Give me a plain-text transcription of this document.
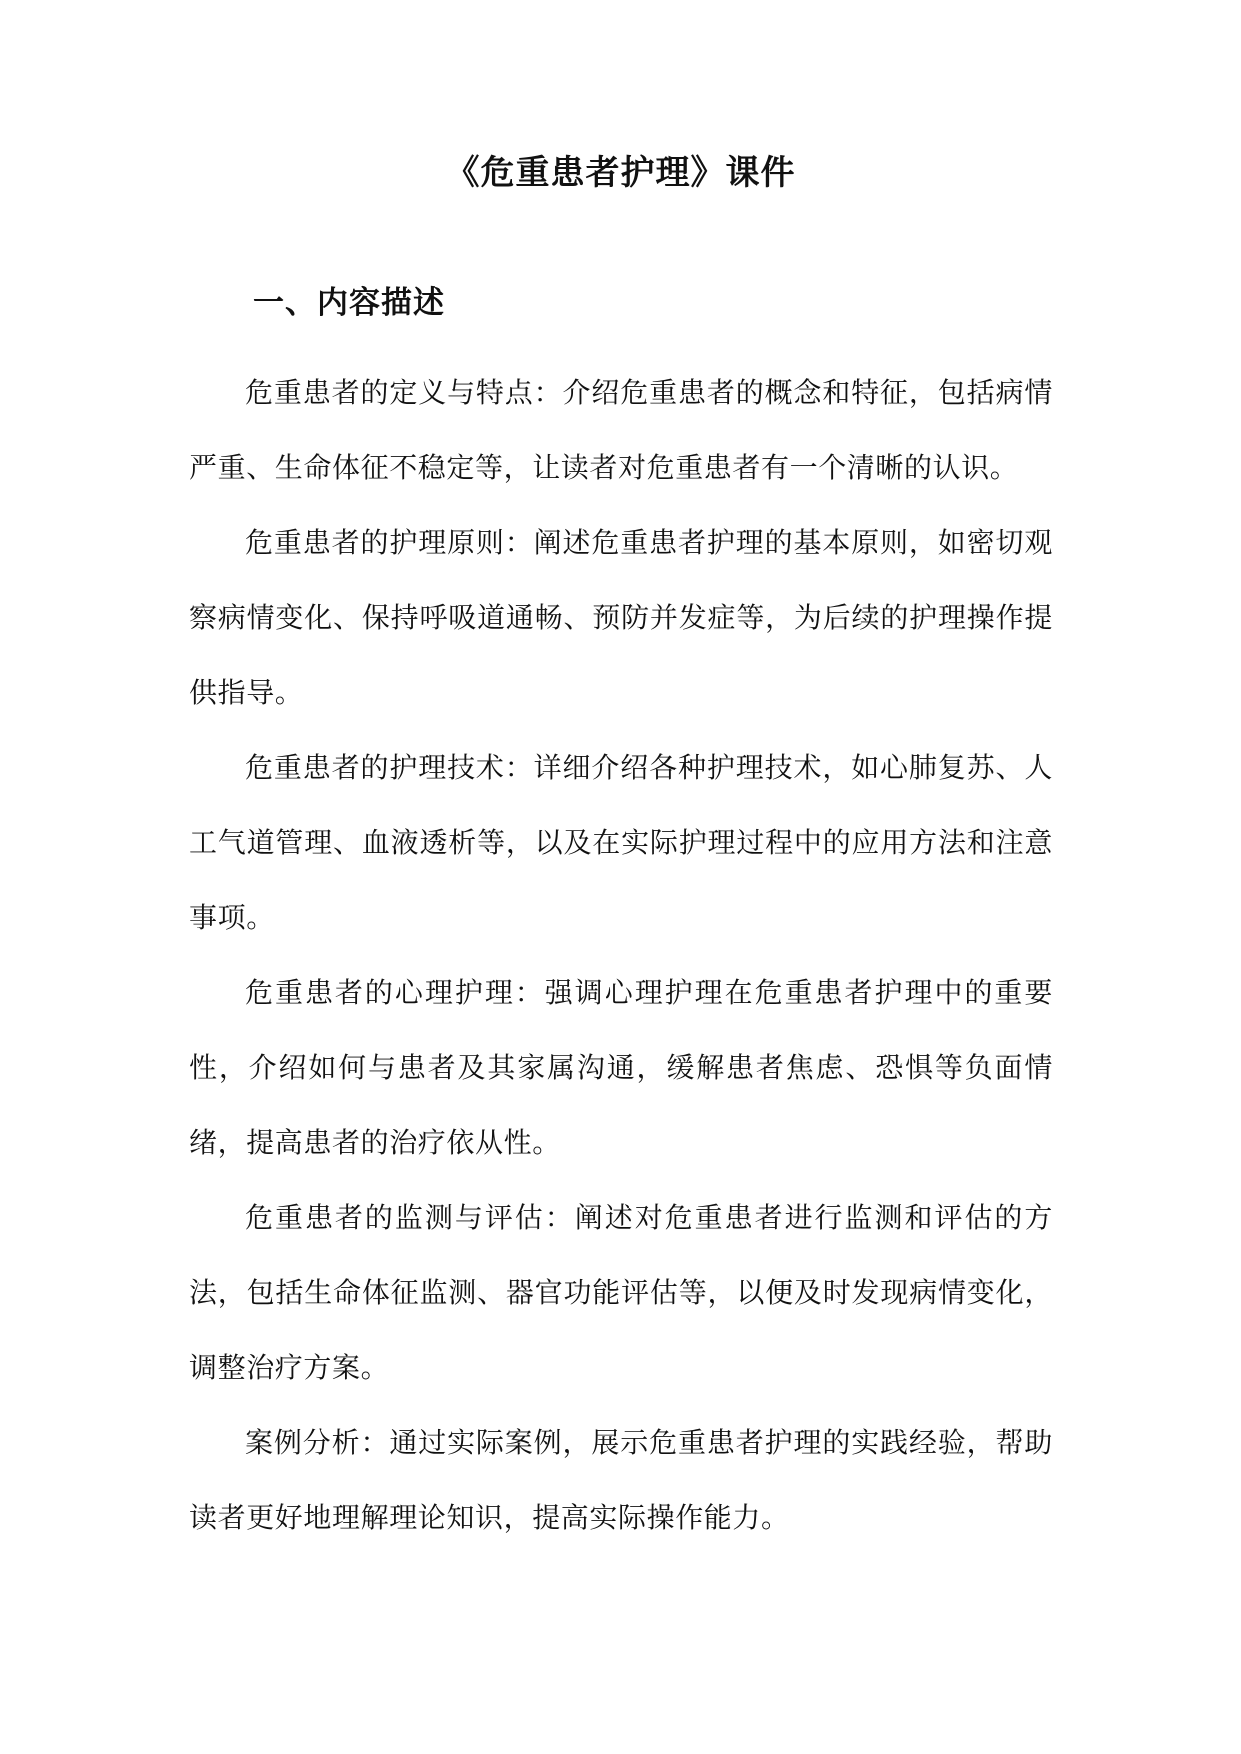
《危重患者护理》课件
一、内容描述

危重患者的定义与特点：介绍危重患者的概念和特征，包括病情严重、生命体征不稳定等，让读者对危重患者有一个清晰的认识。

危重患者的护理原则：阐述危重患者护理的基本原则，如密切观察病情变化、保持呼吸道通畅、预防并发症等，为后续的护理操作提供指导。

危重患者的护理技术：详细介绍各种护理技术，如心肺复苏、人工气道管理、血液透析等，以及在实际护理过程中的应用方法和注意事项。

危重患者的心理护理：强调心理护理在危重患者护理中的重要性，介绍如何与患者及其家属沟通，缓解患者焦虑、恐惧等负面情绪，提高患者的治疗依从性。

危重患者的监测与评估：阐述对危重患者进行监测和评估的方法，包括生命体征监测、器官功能评估等，以便及时发现病情变化，调整治疗方案。

案例分析：通过实际案例，展示危重患者护理的实践经验，帮助读者更好地理解理论知识，提高实际操作能力。
